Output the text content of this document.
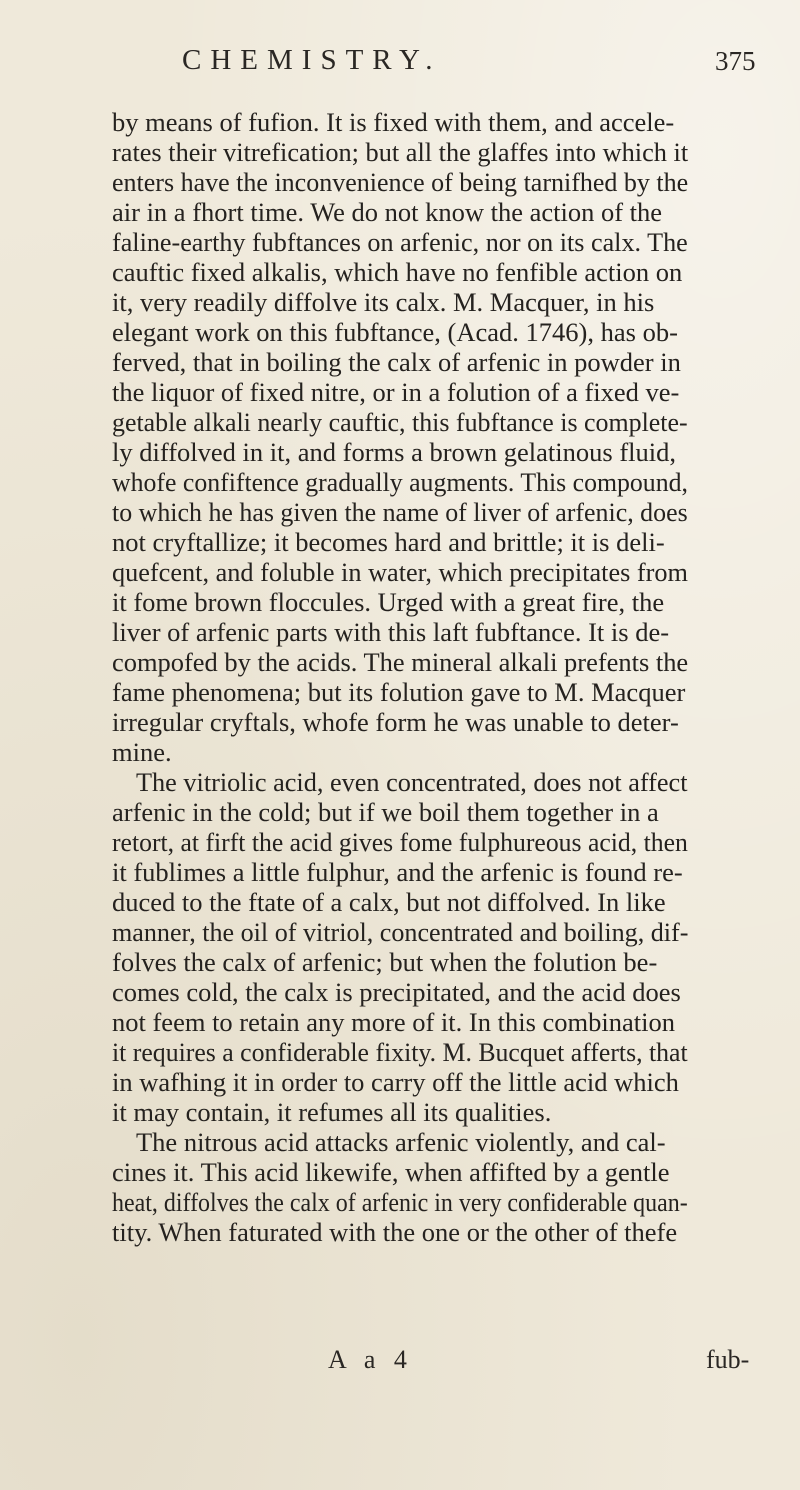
CHEMISTRY.	375
by means of fufion. It is fixed with them, and accele-
rates their vitrefication; but all the glaffes into which it
enters have the inconvenience of being tarnifhed by the
air in a fhort time. We do not know the action of the
faline-earthy fubftances on arfenic, nor on its calx. The
cauftic fixed alkalis, which have no fenfible action on
it, very readily diffolve its calx. M. Macquer, in his
elegant work on this fubftance, (Acad. 1746), has ob-
ferved, that in boiling the calx of arfenic in powder in
the liquor of fixed nitre, or in a folution of a fixed ve-
getable alkali nearly cauftic, this fubftance is complete-
ly diffolved in it, and forms a brown gelatinous fluid,
whofe confiftence gradually augments. This compound,
to which he has given the name of liver of arfenic, does
not cryftallize; it becomes hard and brittle; it is deli-
quefcent, and foluble in water, which precipitates from
it fome brown floccules. Urged with a great fire, the
liver of arfenic parts with this laft fubftance. It is de-
compofed by the acids. The mineral alkali prefents the
fame phenomena; but its folution gave to M. Macquer
irregular cryftals, whofe form he was unable to deter-
mine.
The vitriolic acid, even concentrated, does not affect
arfenic in the cold; but if we boil them together in a
retort, at firft the acid gives fome fulphureous acid, then
it fublimes a little fulphur, and the arfenic is found re-
duced to the ftate of a calx, but not diffolved. In like
manner, the oil of vitriol, concentrated and boiling, dif-
folves the calx of arfenic; but when the folution be-
comes cold, the calx is precipitated, and the acid does
not feem to retain any more of it. In this combination
it requires a confiderable fixity. M. Bucquet afferts, that
in wafhing it in order to carry off the little acid which
it may contain, it refumes all its qualities.
The nitrous acid attacks arfenic violently, and cal-
cines it. This acid likewife, when affifted by a gentle
heat, diffolves the calx of arfenic in very confiderable quan-
tity. When faturated with the one or the other of thefe
A a 4	fub-
